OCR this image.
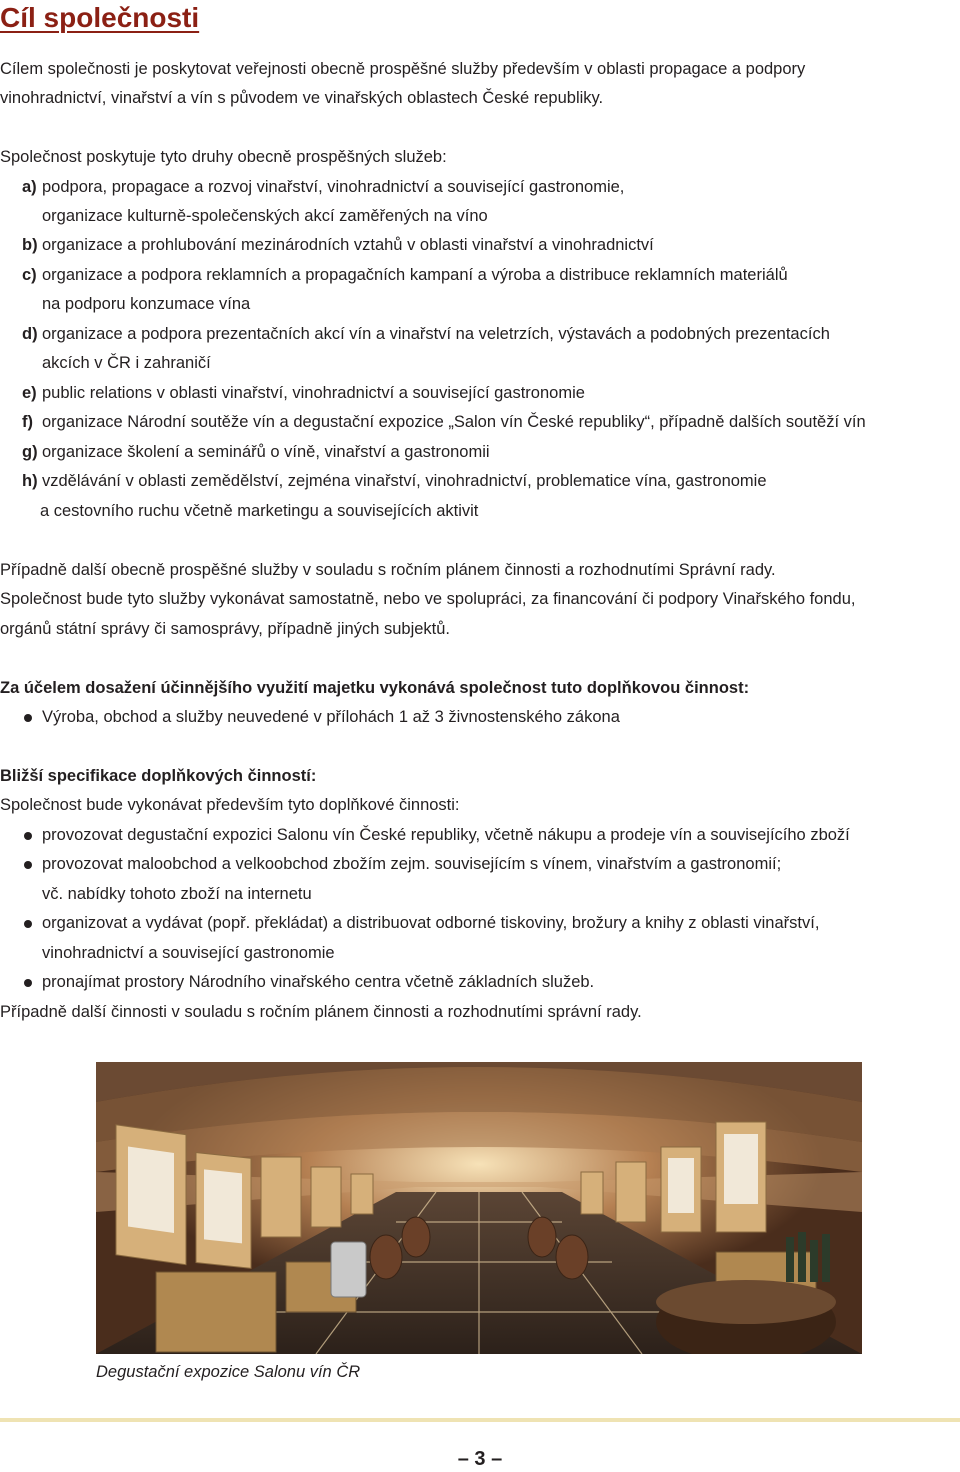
Cíl společnosti
Cílem společnosti je poskytovat veřejnosti obecně prospěšné služby především v oblasti propagace a podpory
vinohradnictví, vinařství a vín s původem ve vinařských oblastech České republiky.
Společnost poskytuje tyto druhy obecně prospěšných služeb:
a) podpora, propagace a rozvoj vinařství, vinohradnictví a související gastronomie,
organizace kulturně-společenských akcí zaměřených na víno
b) organizace a prohlubování mezinárodních vztahů v oblasti vinařství a vinohradnictví
c) organizace a podpora reklamních a propagačních kampaní a výroba a distribuce reklamních materiálů
na podporu konzumace vína
d) organizace a podpora prezentačních akcí vín a vinařství na veletrzích, výstavách a podobných prezentacích
akcích v ČR i zahraničí
e) public relations v oblasti vinařství, vinohradnictví a související gastronomie
f) organizace Národní soutěže vín a degustační expozice „Salon vín České republiky“, případně dalších soutěží vín
g) organizace školení a seminářů o víně, vinařství a gastronomii
h) vzdělávání v oblasti zemědělství, zejména vinařství, vinohradnictví, problematice vína, gastronomie
a cestovního ruchu včetně marketingu a souvisejících aktivit
Případně další obecně prospěšné služby v souladu s ročním plánem činnosti a rozhodnutími Správní rady.
Společnost bude tyto služby vykonávat samostatně, nebo ve spolupráci, za financování či podpory Vinařského fondu,
orgánů státní správy či samosprávy, případně jiných subjektů.
Za účelem dosažení účinnějšího využití majetku vykonává společnost tuto doplňkovou činnost:
Výroba, obchod a služby neuvedené v přílohách 1 až 3 živnostenského zákona
Bližší specifikace doplňkových činností:
Společnost bude vykonávat především tyto doplňkové činnosti:
provozovat degustační expozici Salonu vín České republiky, včetně nákupu a prodeje vín a souvisejícího zboží
provozovat maloobchod a velkoobchod zbožím zejm. souvisejícím s vínem, vinařstvím a gastronomií;
vč. nabídky tohoto zboží na internetu
organizovat a vydávat (popř. překládat) a distribuovat odborné tiskoviny, brožury a knihy z oblasti vinařství,
vinohradnictví a související gastronomie
pronajímat prostory Národního vinařského centra včetně základních služeb.
Případně další činnosti v souladu s ročním plánem činnosti a rozhodnutími správní rady.
Degustační expozice Salonu vín ČR
– 3 –
